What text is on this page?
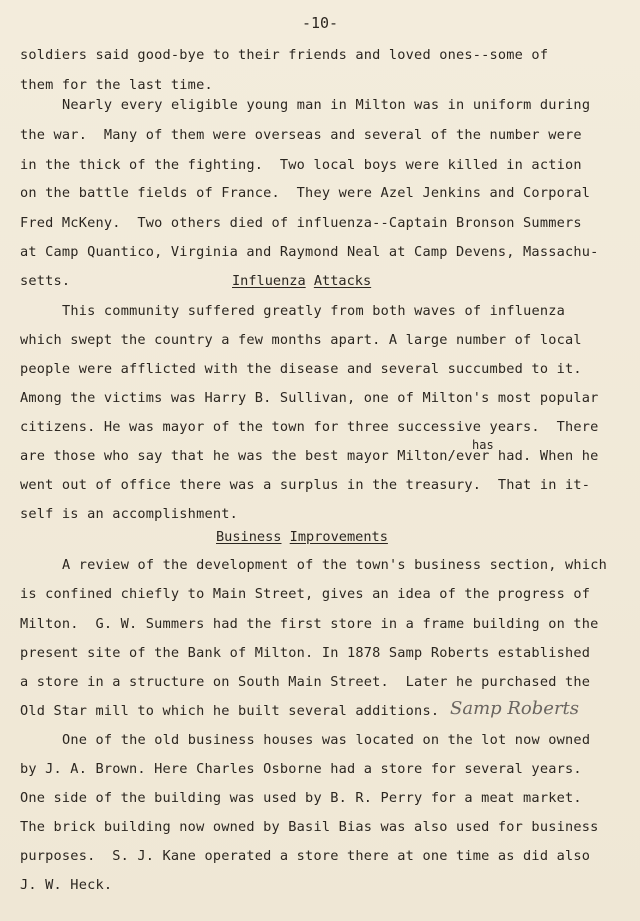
-10-
soldiers said good-bye to their friends and loved ones--some of
them for the last time.
Nearly every eligible young man in Milton was in uniform during
the war.  Many of them were overseas and several of the number were
in the thick of the fighting.  Two local boys were killed in action
on the battle fields of France.  They were Azel Jenkins and Corporal
Fred McKeny.  Two others died of influenza--Captain Bronson Summers
at Camp Quantico, Virginia and Raymond Neal at Camp Devens, Massachu-
setts.	Influenza Attacks
This community suffered greatly from both waves of influenza
which swept the country a few months apart. A large number of local
people were afflicted with the disease and several succumbed to it.
Among the victims was Harry B. Sullivan, one of Milton's most popular
citizens. He was mayor of the town for three successive years.  There
has
are those who say that he was the best mayor Milton/ever had. When he
went out of office there was a surplus in the treasury.  That in it-
self is an accomplishment.
Business Improvements
A review of the development of the town's business section, which
is confined chiefly to Main Street, gives an idea of the progress of
Milton.  G. W. Summers had the first store in a frame building on the
present site of the Bank of Milton. In 1878 Samp Roberts established
a store in a structure on South Main Street.  Later he purchased the
Old Star mill to which he built several additions. Samp Roberts
One of the old business houses was located on the lot now owned
by J. A. Brown. Here Charles Osborne had a store for several years.
One side of the building was used by B. R. Perry for a meat market.
The brick building now owned by Basil Bias was also used for business
purposes.  S. J. Kane operated a store there at one time as did also
J. W. Heck.
